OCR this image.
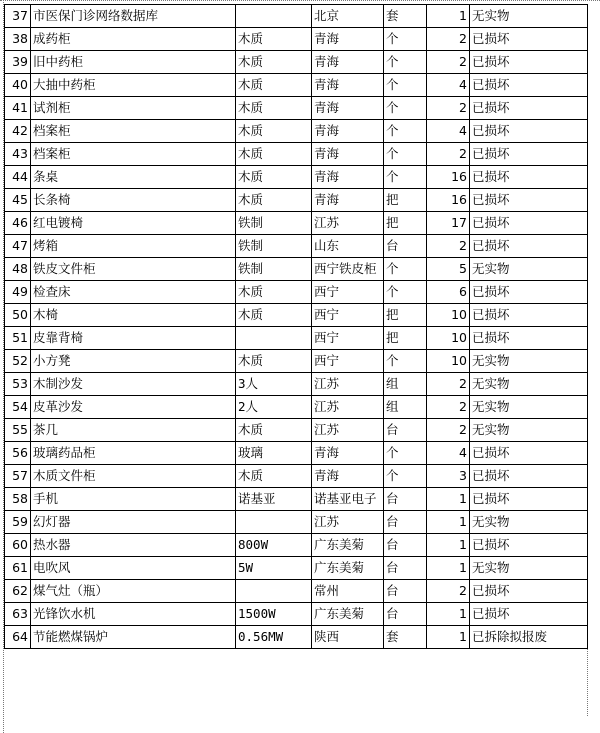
37	市医保门诊网络数据库		北京	套	1	无实物
38	成药柜	木质	青海	个	2	已损坏
39	旧中药柜	木质	青海	个	2	已损坏
40	大抽中药柜	木质	青海	个	4	已损坏
41	试剂柜	木质	青海	个	2	已损坏
42	档案柜	木质	青海	个	4	已损坏
43	档案柜	木质	青海	个	2	已损坏
44	条桌	木质	青海	个	16	已损坏
45	长条椅	木质	青海	把	16	已损坏
46	红电镀椅	铁制	江苏	把	17	已损坏
47	烤箱	铁制	山东	台	2	已损坏
48	铁皮文件柜	铁制	西宁铁皮柜	个	5	无实物
49	检查床	木质	西宁	个	6	已损坏
50	木椅	木质	西宁	把	10	已损坏
51	皮靠背椅		西宁	把	10	已损坏
52	小方凳	木质	西宁	个	10	无实物
53	木制沙发	3人	江苏	组	2	无实物
54	皮革沙发	2人	江苏	组	2	无实物
55	茶几	木质	江苏	台	2	无实物
56	玻璃药品柜	玻璃	青海	个	4	已损坏
57	木质文件柜	木质	青海	个	3	已损坏
58	手机	诺基亚	诺基亚电子	台	1	已损坏
59	幻灯器		江苏	台	1	无实物
60	热水器	800W	广东美菊	台	1	已损坏
61	电吹风	5W	广东美菊	台	1	无实物
62	煤气灶（瓶）		常州	台	2	已损坏
63	光锋饮水机	1500W	广东美菊	台	1	已损坏
64	节能燃煤锅炉	0.56MW	陕西	套	1	已拆除拟报废
